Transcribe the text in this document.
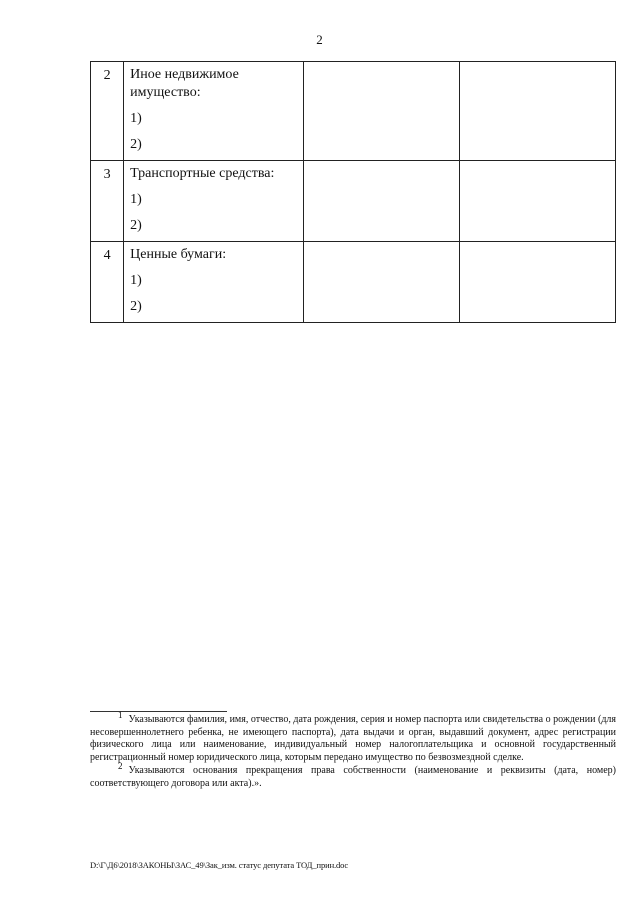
2
2	Иное недвижимое
имущество:
1)
2)		

3	Транспортные средства:
1)
2)		

4	Ценные бумаги:
1)
2)		

$^1$ Указываются фамилия, имя, отчество, дата рождения, серия и номер паспорта или свидетельства о рождении (для несовершеннолетнего ребенка, не имеющего паспорта), дата выдачи и орган, выдавший документ, адрес регистрации физического лица или наименование, индивидуальный номер налогоплательщика и основной государственный регистрационный номер юридического лица, которым передано имущество по безвозмездной сделке.

$^2$ Указываются основания прекращения права собственности (наименование и реквизиты (дата, номер) соответствующего договора или акта).».

D:\Г\Д6\2018\ЗАКОНЫ\ЗАС_49\Зак_изм. статус депутата ТОД_прин.doc
